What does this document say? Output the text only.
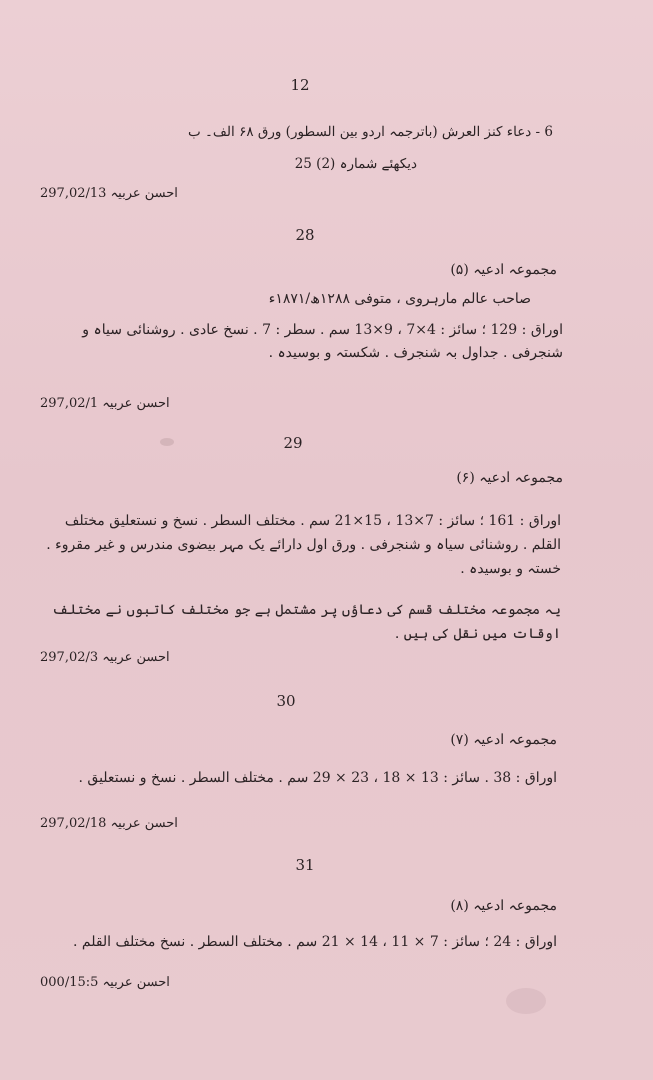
12
6 - دعاء کنز العرش (باترجمہ اردو بین السطور) ورق ۶۸ الف۔ ب
دیکھئے شمارہ (2) 25
احسن عربیہ 297,02/13
28
مجموعہ ادعیہ (۵)
صاحب عالم مارہروی ، متوفی ۱۲۸۸ھ/۱۸۷۱ء
اوراق : 129 ؛ سائز : 4×7 ، 9×13 سم . سطر : 7 . نسخ عادی . روشنائی سیاہ و شنجرفی . جداول بہ شنجرف . شکستہ و بوسیدہ .
احسن عربیہ 297,02/1
29
مجموعہ ادعیہ (۶)
اوراق : 161 ؛ سائز : 7×13 ، 15×21 سم . مختلف السطر . نسخ و نستعلیق مختلف القلم . روشنائی سیاہ و شنجرفی . ورق اول دارائے یک مہر بیضوی مندرس و غیر مقروء . خستہ و بوسیدہ .
یہ مجموعہ مختلف قسم کی دعاؤں پر مشتمل ہے جو مختلف کاتبوں نے مختلف اوقات میں نقل کی ہیں .
احسن عربیہ 297,02/3
30
مجموعہ ادعیہ (۷)
اوراق : 38 . سائز : 13 × 18 ، 23 × 29 سم . مختلف السطر . نسخ و نستعلیق .
احسن عربیہ 297,02/18
31
مجموعہ ادعیہ (۸)
اوراق : 24 ؛ سائز : 7 × 11 ، 14 × 21 سم . مختلف السطر . نسخ مختلف القلم .
احسن عربیہ 000/15:5
